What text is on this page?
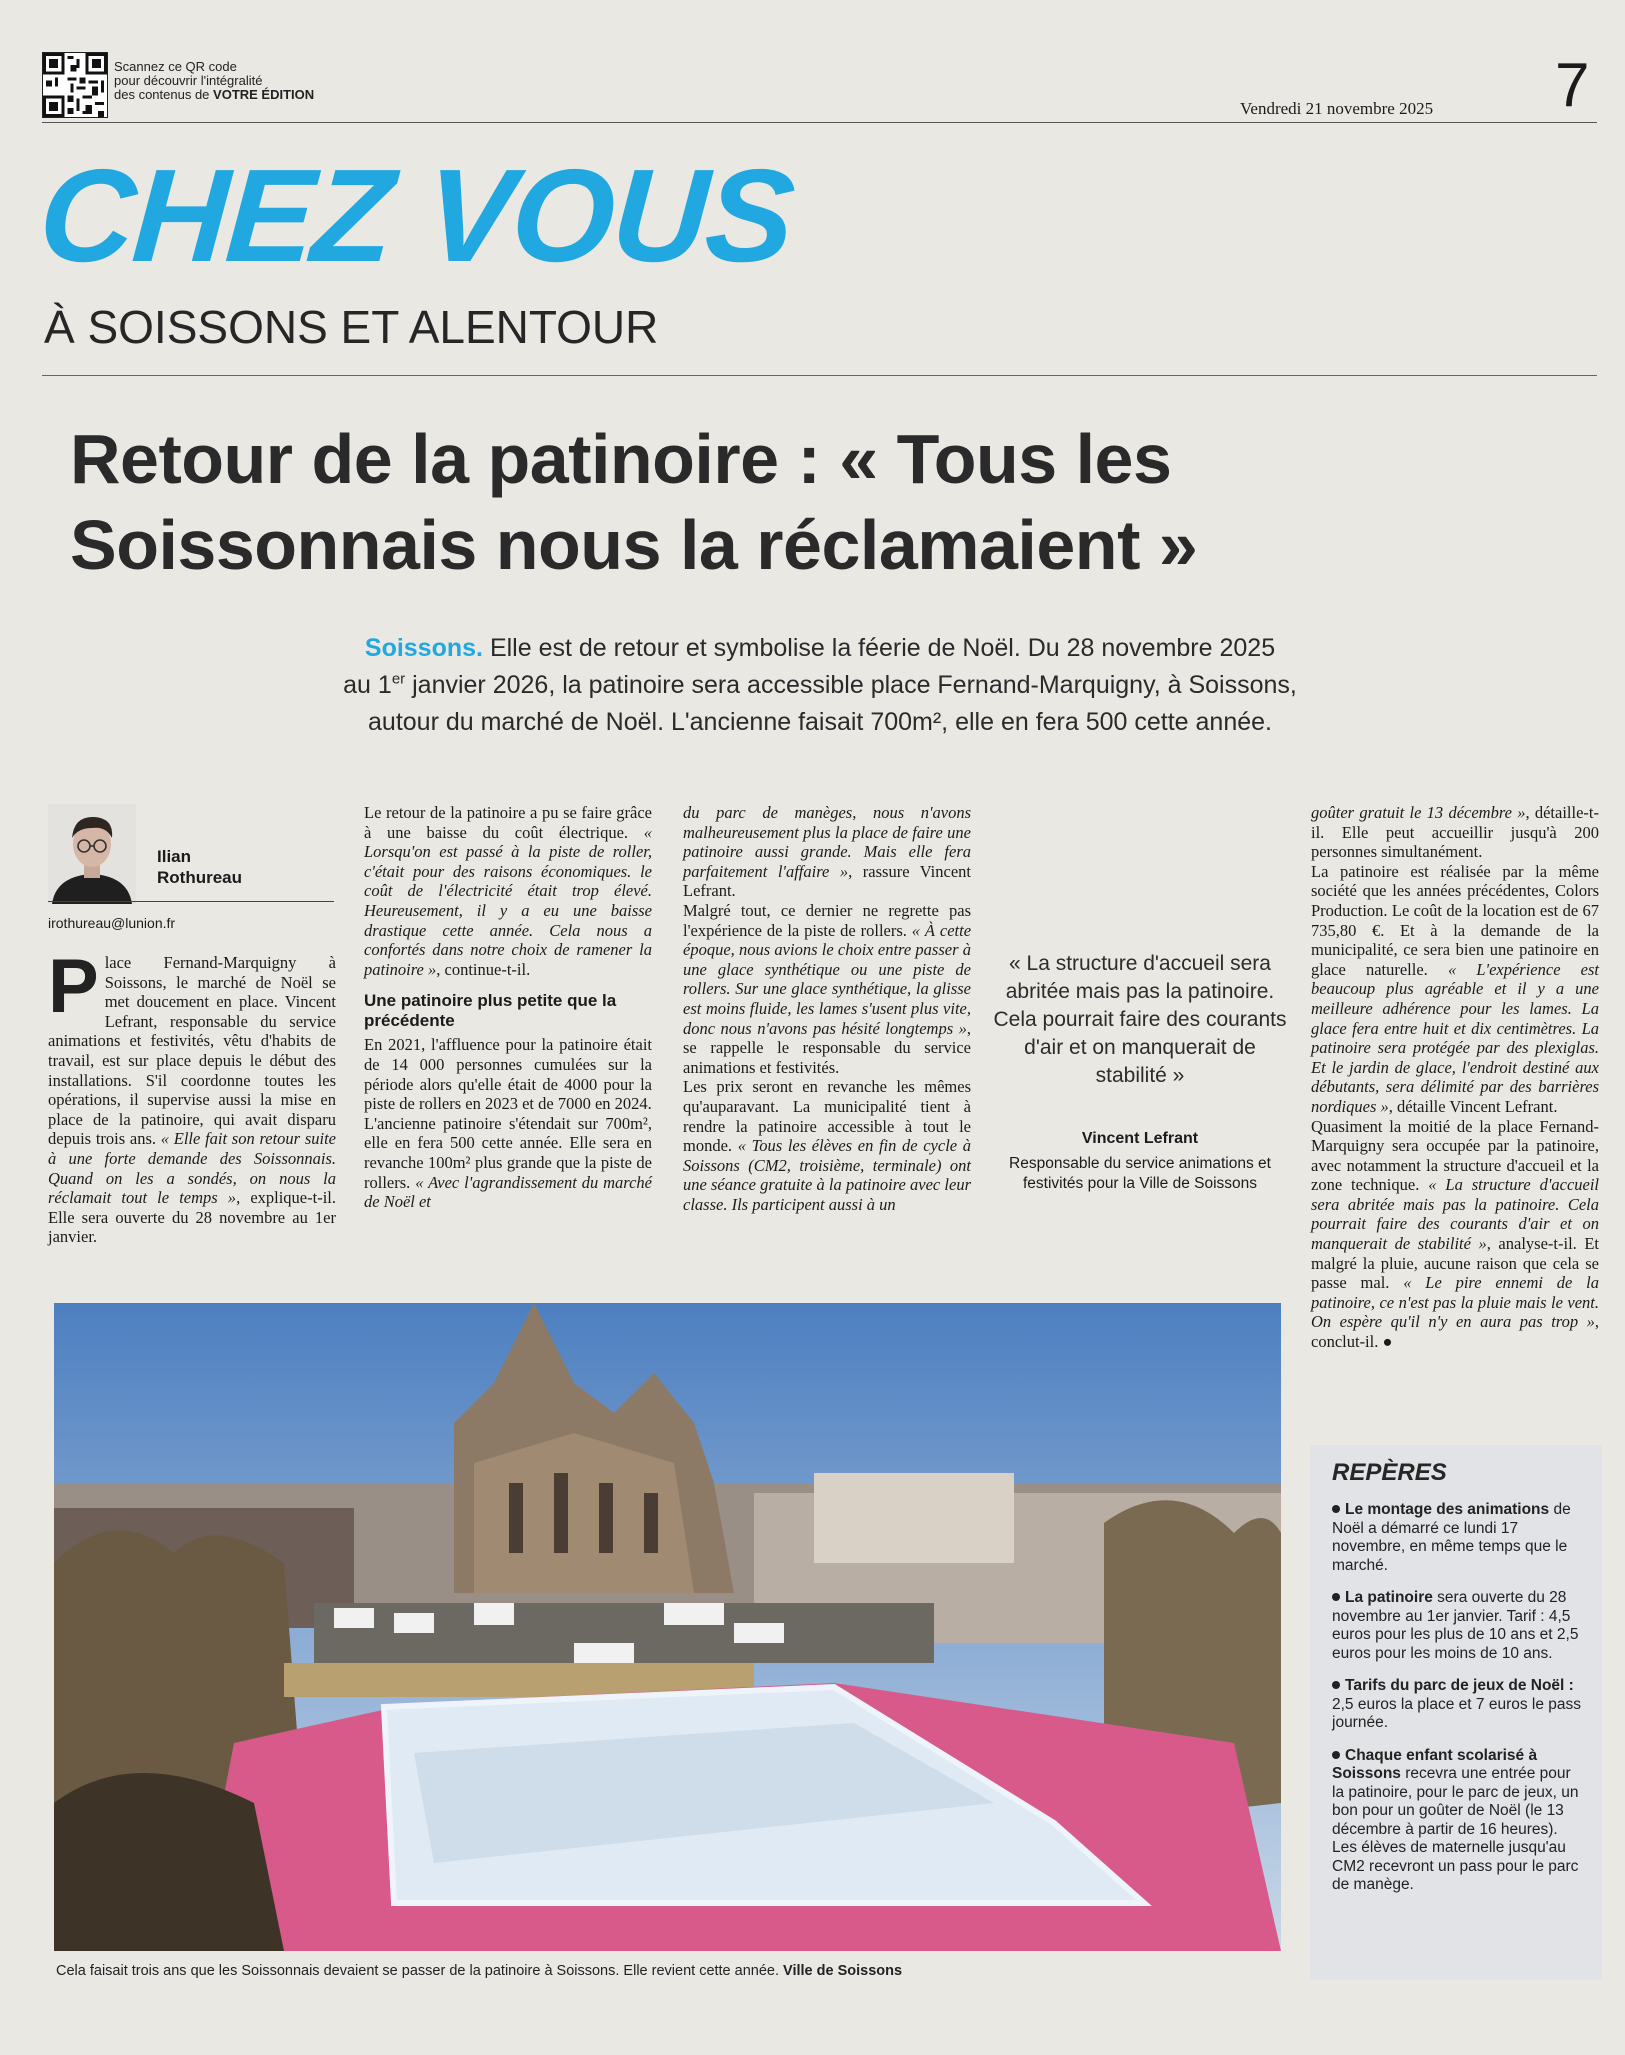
Scannez ce QR code
pour découvrir l'intégralité
des contenus de VOTRE ÉDITION
Vendredi 21 novembre 2025 7
CHEZ VOUS
À SOISSONS ET ALENTOUR
Retour de la patinoire : « Tous les Soissonnais nous la réclamaient »
Soissons. Elle est de retour et symbolise la féerie de Noël. Du 28 novembre 2025
au 1er janvier 2026, la patinoire sera accessible place Fernand-Marquigny, à Soissons,
autour du marché de Noël. L'ancienne faisait 700m², elle en fera 500 cette année.
Ilian
Rothureau
irothureau@lunion.fr

Place Fernand-Marquigny à Soissons, le marché de Noël se met doucement en place. Vincent Lefrant, responsable du service animations et festivités, vêtu d'habits de travail, est sur place depuis le début des installations. S'il coordonne toutes les opérations, il supervise aussi la mise en place de la patinoire, qui avait disparu depuis trois ans. « Elle fait son retour suite à une forte demande des Soissonnais. Quand on les a sondés, on nous la réclamait tout le temps », explique-t-il. Elle sera ouverte du 28 novembre au 1er janvier.

Le retour de la patinoire a pu se faire grâce à une baisse du coût électrique. « Lorsqu'on est passé à la piste de roller, c'était pour des raisons économiques. le coût de l'électricité était trop élevé. Heureusement, il y a eu une baisse drastique cette année. Cela nous a confortés dans notre choix de ramener la patinoire », continue-t-il.

Une patinoire plus petite que la précédente

En 2021, l'affluence pour la patinoire était de 14 000 personnes cumulées sur la période alors qu'elle était de 4000 pour la piste de rollers en 2023 et de 7000 en 2024.

L'ancienne patinoire s'étendait sur 700m², elle en fera 500 cette année. Elle sera en revanche 100m² plus grande que la piste de rollers. « Avec l'agrandissement du marché de Noël et

du parc de manèges, nous n'avons malheureusement plus la place de faire une patinoire aussi grande. Mais elle fera parfaitement l'affaire », rassure Vincent Lefrant.

Malgré tout, ce dernier ne regrette pas l'expérience de la piste de rollers. « À cette époque, nous avions le choix entre passer à une glace synthétique ou une piste de rollers. Sur une glace synthétique, la glisse est moins fluide, les lames s'usent plus vite, donc nous n'avons pas hésité longtemps », se rappelle le responsable du service animations et festivités.

Les prix seront en revanche les mêmes qu'auparavant. La municipalité tient à rendre la patinoire accessible à tout le monde. « Tous les élèves en fin de cycle à Soissons (CM2, troisième, terminale) ont une séance gratuite à la patinoire avec leur classe. Ils participent aussi à un

« La structure d'accueil sera abritée mais pas la patinoire. Cela pourrait faire des courants d'air et on manquerait de stabilité »
Vincent Lefrant
Responsable du service animations et festivités pour la Ville de Soissons

goûter gratuit le 13 décembre », détaille-t-il. Elle peut accueillir jusqu'à 200 personnes simultanément.

La patinoire est réalisée par la même société que les années précédentes, Colors Production. Le coût de la location est de 67 735,80 €. Et à la demande de la municipalité, ce sera bien une patinoire en glace naturelle. « L'expérience est beaucoup plus agréable et il y a une meilleure adhérence pour les lames. La glace fera entre huit et dix centimètres. La patinoire sera protégée par des plexiglas. Et le jardin de glace, l'endroit destiné aux débutants, sera délimité par des barrières nordiques », détaille Vincent Lefrant.

Quasiment la moitié de la place Fernand-Marquigny sera occupée par la patinoire, avec notamment la structure d'accueil et la zone technique. « La structure d'accueil sera abritée mais pas la patinoire. Cela pourrait faire des courants d'air et on manquerait de stabilité », analyse-t-il. Et malgré la pluie, aucune raison que cela se passe mal. « Le pire ennemi de la patinoire, ce n'est pas la pluie mais le vent. On espère qu'il n'y en aura pas trop », conclut-il. ●

Cela faisait trois ans que les Soissonnais devaient se passer de la patinoire à Soissons. Elle revient cette année. Ville de Soissons
REPÈRES
Le montage des animations de Noël a démarré ce lundi 17 novembre, en même temps que le marché.
La patinoire sera ouverte du 28 novembre au 1er janvier. Tarif : 4,5 euros pour les plus de 10 ans et 2,5 euros pour les moins de 10 ans.
Tarifs du parc de jeux de Noël : 2,5 euros la place et 7 euros le pass journée.
Chaque enfant scolarisé à Soissons recevra une entrée pour la patinoire, pour le parc de jeux, un bon pour un goûter de Noël (le 13 décembre à partir de 16 heures). Les élèves de maternelle jusqu'au CM2 recevront un pass pour le parc de manège.
